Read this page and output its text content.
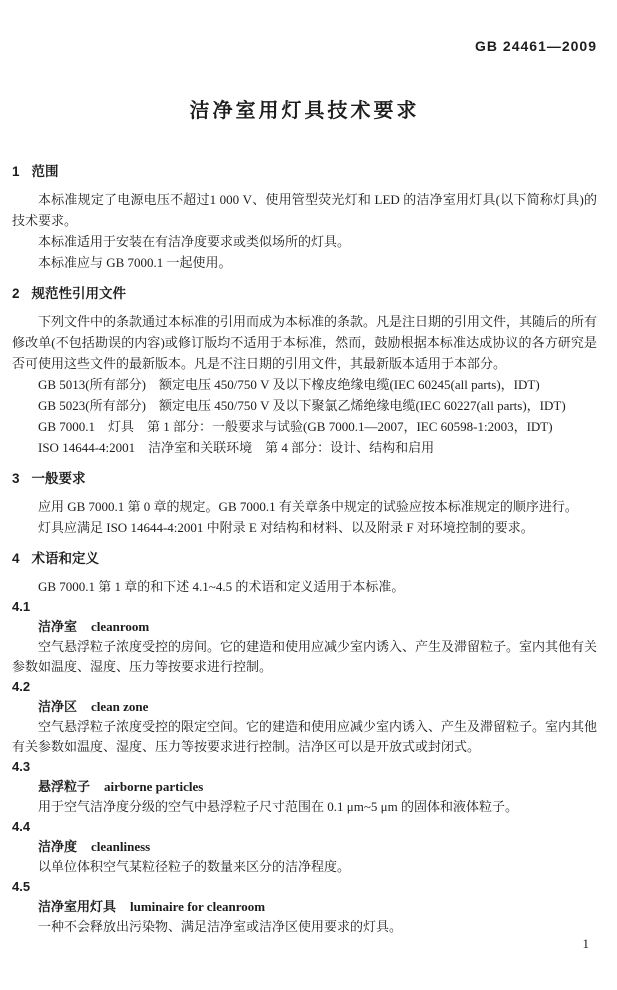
GB 24461—2009
洁净室用灯具技术要求
1 范围

本标准规定了电源电压不超过1 000 V、使用管型荧光灯和 LED 的洁净室用灯具(以下简称灯具)的技术要求。

本标准适用于安装在有洁净度要求或类似场所的灯具。

本标准应与 GB 7000.1 一起使用。

2 规范性引用文件

下列文件中的条款通过本标准的引用而成为本标准的条款。凡是注日期的引用文件，其随后的所有修改单(不包括勘误的内容)或修订版均不适用于本标准，然而，鼓励根据本标准达成协议的各方研究是否可使用这些文件的最新版本。凡是不注日期的引用文件，其最新版本适用于本部分。

GB 5013(所有部分)　额定电压 450/750 V 及以下橡皮绝缘电缆(IEC 60245(all parts)，IDT)

GB 5023(所有部分)　额定电压 450/750 V 及以下聚氯乙烯绝缘电缆(IEC 60227(all parts)，IDT)

GB 7000.1　灯具　第 1 部分：一般要求与试验(GB 7000.1—2007，IEC 60598-1:2003，IDT)

ISO 14644-4:2001　洁净室和关联环境　第 4 部分：设计、结构和启用

3 一般要求

应用 GB 7000.1 第 0 章的规定。GB 7000.1 有关章条中规定的试验应按本标准规定的顺序进行。

灯具应满足 ISO 14644-4:2001 中附录 E 对结构和材料、以及附录 F 对环境控制的要求。

4 术语和定义

GB 7000.1 第 1 章的和下述 4.1~4.5 的术语和定义适用于本标准。

4.1
洁净室 cleanroom

空气悬浮粒子浓度受控的房间。它的建造和使用应减少室内诱入、产生及滞留粒子。室内其他有关参数如温度、湿度、压力等按要求进行控制。

4.2
洁净区 clean zone

空气悬浮粒子浓度受控的限定空间。它的建造和使用应减少室内诱入、产生及滞留粒子。室内其他有关参数如温度、湿度、压力等按要求进行控制。洁净区可以是开放式或封闭式。

4.3
悬浮粒子 airborne particles

用于空气洁净度分级的空气中悬浮粒子尺寸范围在 0.1 μm~5 μm 的固体和液体粒子。

4.4
洁净度 cleanliness

以单位体积空气某粒径粒子的数量来区分的洁净程度。

4.5
洁净室用灯具 luminaire for cleanroom

一种不会释放出污染物、满足洁净室或洁净区使用要求的灯具。

1
